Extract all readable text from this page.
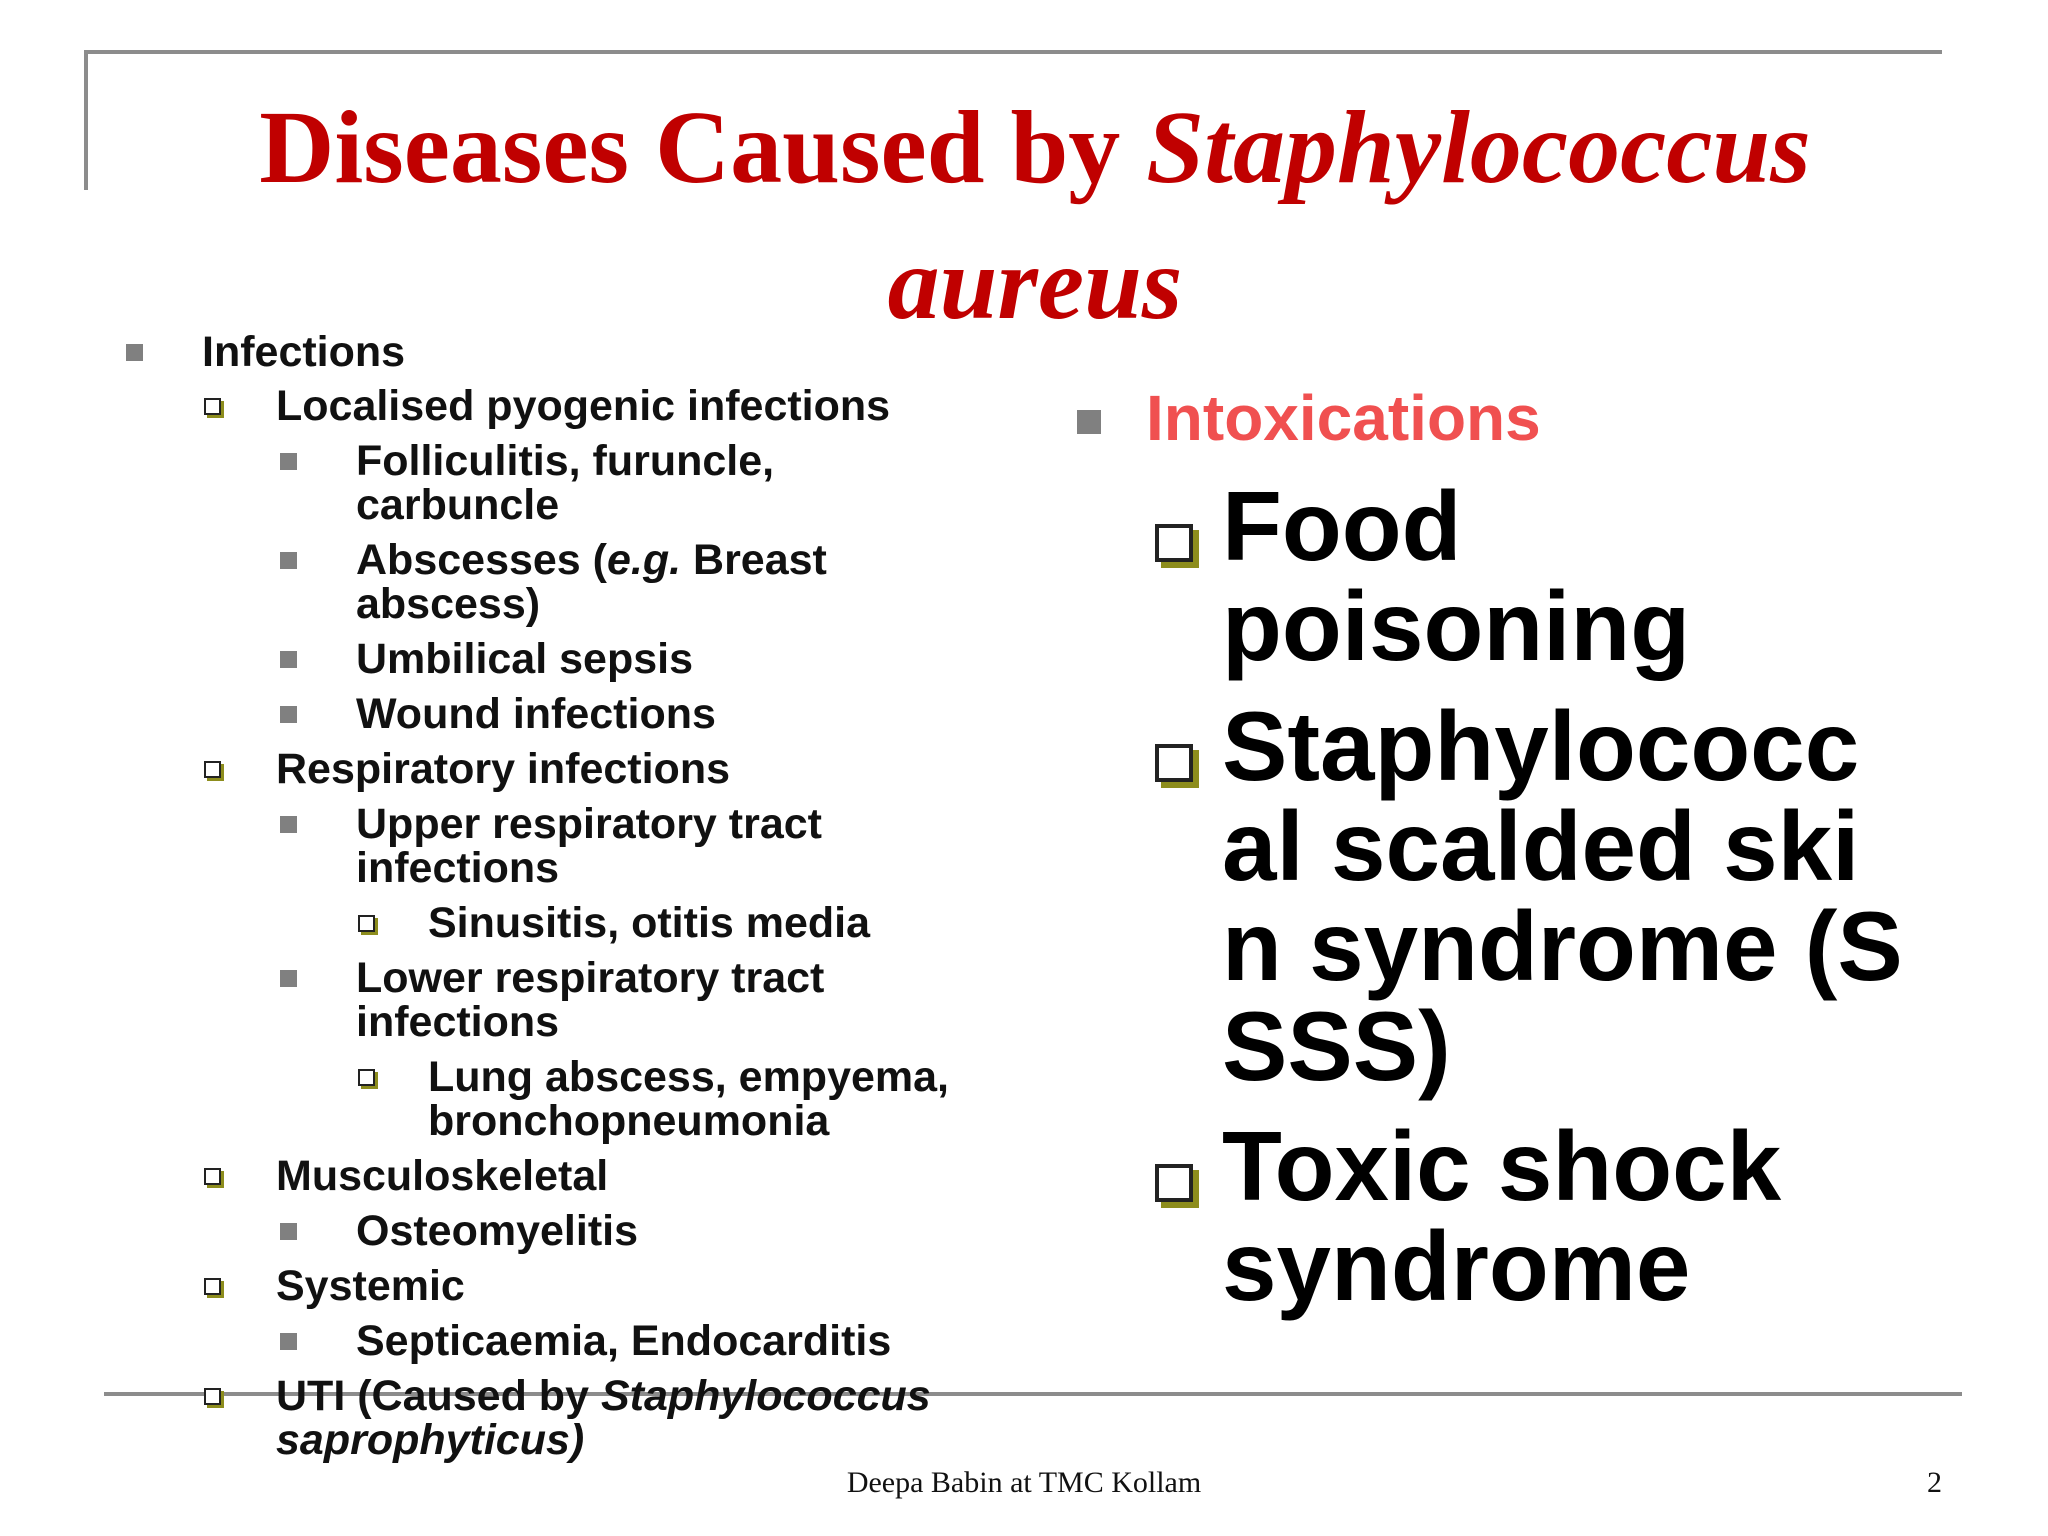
Diseases Caused by Staphylococcus aureus
Infections
Localised pyogenic infections
Folliculitis, furuncle, carbuncle
Abscesses (e.g. Breast abscess)
Umbilical sepsis
Wound infections
Respiratory infections
Upper respiratory tract infections
Sinusitis, otitis media
Lower respiratory tract infections
Lung abscess, empyema, bronchopneumonia
Musculoskeletal
Osteomyelitis
Systemic
Septicaemia, Endocarditis
UTI (Caused by Staphylococcus saprophyticus)
Intoxications
Food poisoning
Staphylococcal scalded skin syndrome (SSSS)
Toxic shock syndrome
Deepa Babin at TMC Kollam	2
